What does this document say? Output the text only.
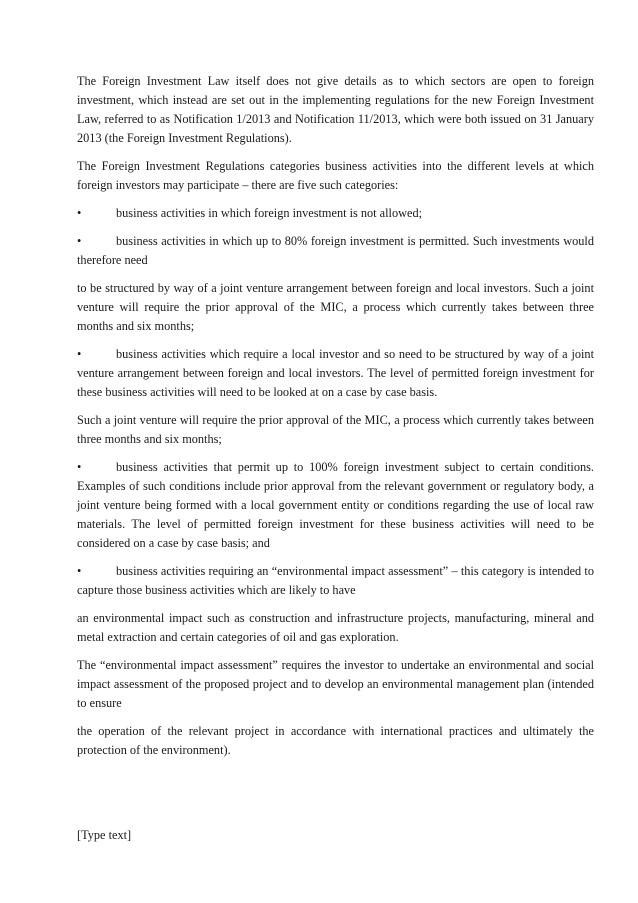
The Foreign Investment Law itself does not give details as to which sectors are open to foreign investment, which instead are set out in the implementing regulations for the new Foreign Investment Law, referred to as Notification 1/2013 and Notification 11/2013, which were both issued on 31 January 2013 (the Foreign Investment Regulations).

The Foreign Investment Regulations categories business activities into the different levels at which foreign investors may participate – there are five such categories:

•	business activities in which foreign investment is not allowed;

•	business activities in which up to 80% foreign investment is permitted. Such investments would therefore need

to be structured by way of a joint venture arrangement between foreign and local investors. Such a joint venture will require the prior approval of the MIC, a process which currently takes between three months and six months;

•	business activities which require a local investor and so need to be structured by way of a joint venture arrangement between foreign and local investors. The level of permitted foreign investment for these business activities will need to be looked at on a case by case basis.

Such a joint venture will require the prior approval of the MIC, a process which currently takes between three months and six months;

•	business activities that permit up to 100% foreign investment subject to certain conditions. Examples of such conditions include prior approval from the relevant government or regulatory body, a joint venture being formed with a local government entity or conditions regarding the use of local raw materials. The level of permitted foreign investment for these business activities will need to be considered on a case by case basis; and

•	business activities requiring an “environmental impact assessment” – this category is intended to capture those business activities which are likely to have

an environmental impact such as construction and infrastructure projects, manufacturing, mineral and metal extraction and certain categories of oil and gas exploration.

The “environmental impact assessment” requires the investor to undertake an environmental and social impact assessment of the proposed project and to develop an environmental management plan (intended to ensure

the operation of the relevant project in accordance with international practices and ultimately the protection of the environment).

[Type text]
